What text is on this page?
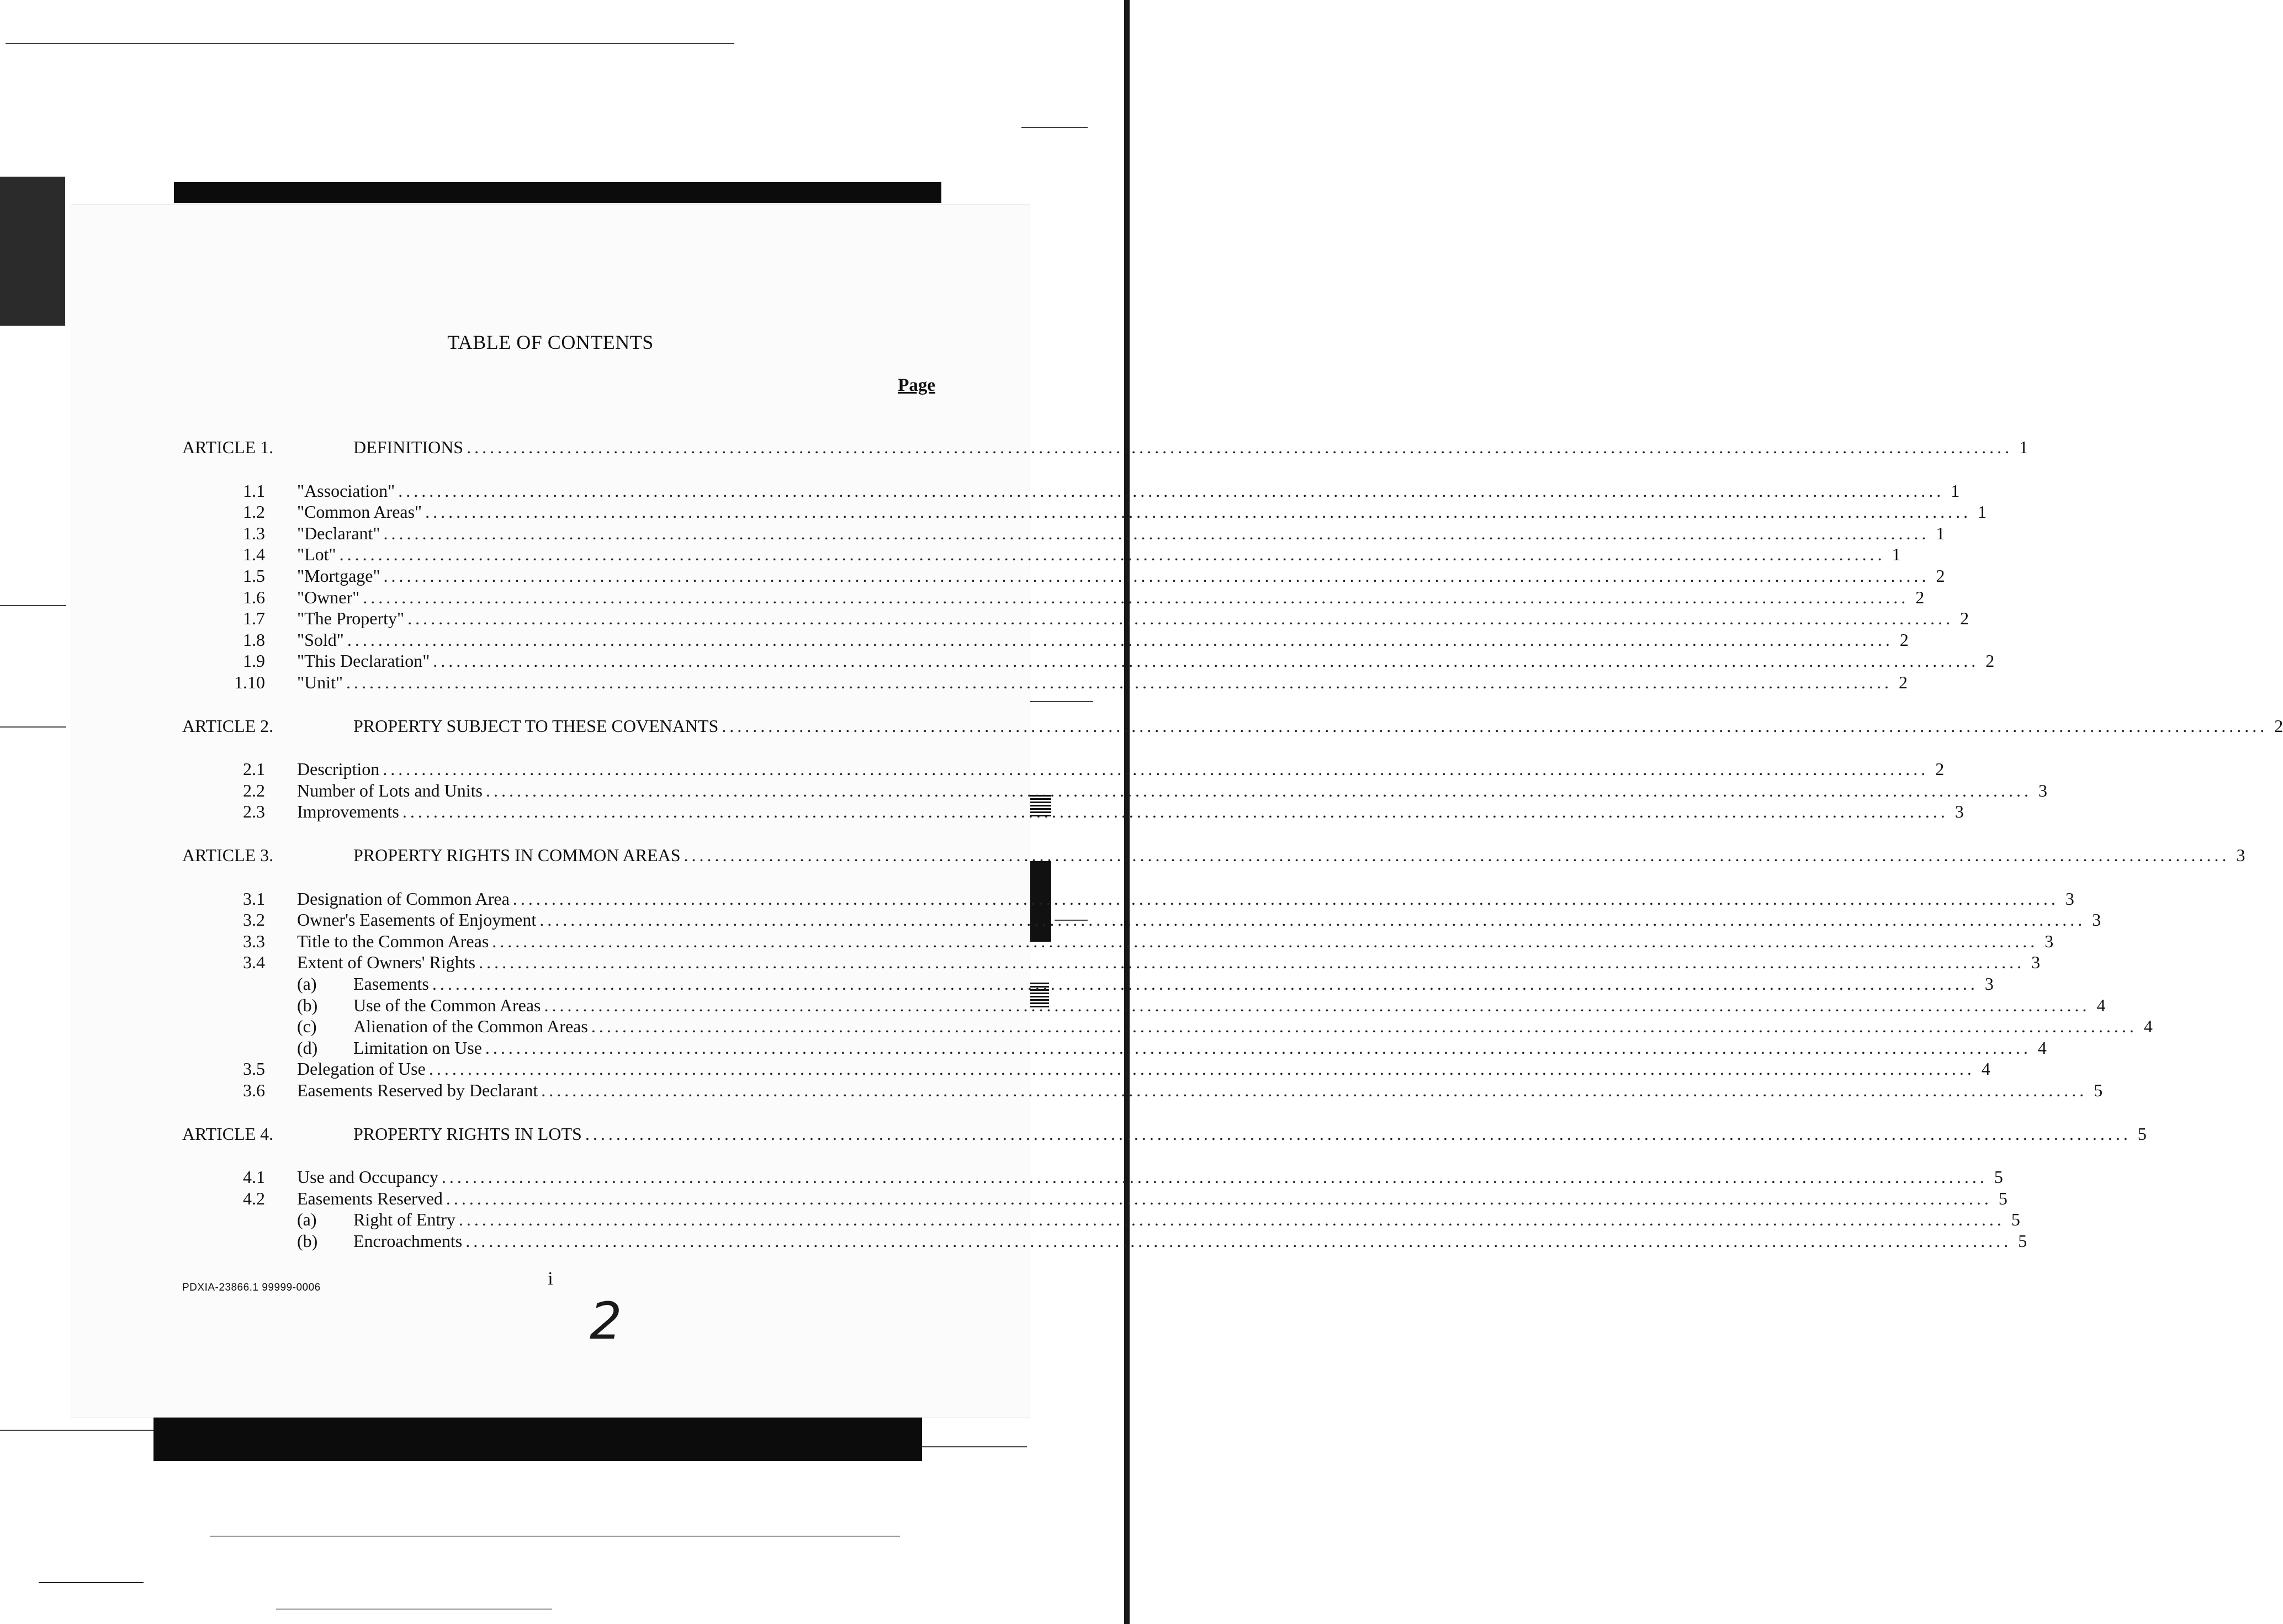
TABLE OF CONTENTS
Page
ARTICLE 1.	DEFINITIONS ........................................................................................................................................................................................................ 1
1.1 "Association" ........................................................................................................................................................................................................ 1
1.2 "Common Areas" ........................................................................................................................................................................................................ 1
1.3 "Declarant" ........................................................................................................................................................................................................ 1
1.4 "Lot" ........................................................................................................................................................................................................ 1
1.5 "Mortgage" ........................................................................................................................................................................................................ 2
1.6 "Owner" ........................................................................................................................................................................................................ 2
1.7 "The Property" ........................................................................................................................................................................................................ 2
1.8 "Sold" ........................................................................................................................................................................................................ 2
1.9 "This Declaration" ........................................................................................................................................................................................................ 2
1.10 "Unit" ........................................................................................................................................................................................................ 2
ARTICLE 2.	PROPERTY SUBJECT TO THESE COVENANTS ........................................................................................................................................................................................................ 2
2.1 Description ........................................................................................................................................................................................................ 2
2.2 Number of Lots and Units ........................................................................................................................................................................................................ 3
2.3 Improvements ........................................................................................................................................................................................................ 3
ARTICLE 3.	PROPERTY RIGHTS IN COMMON AREAS ........................................................................................................................................................................................................ 3
3.1 Designation of Common Area ........................................................................................................................................................................................................ 3
3.2 Owner's Easements of Enjoyment ........................................................................................................................................................................................................ 3
3.3 Title to the Common Areas ........................................................................................................................................................................................................ 3
3.4 Extent of Owners' Rights ........................................................................................................................................................................................................ 3
(a)	Easements ........................................................................................................................................................................................................ 3
(b)	Use of the Common Areas ........................................................................................................................................................................................................ 4
(c)	Alienation of the Common Areas ........................................................................................................................................................................................................ 4
(d)	Limitation on Use ........................................................................................................................................................................................................ 4
3.5 Delegation of Use ........................................................................................................................................................................................................ 4
3.6 Easements Reserved by Declarant ........................................................................................................................................................................................................ 5
ARTICLE 4.	PROPERTY RIGHTS IN LOTS ........................................................................................................................................................................................................ 5
4.1 Use and Occupancy ........................................................................................................................................................................................................ 5
4.2 Easements Reserved ........................................................................................................................................................................................................ 5
(a)	Right of Entry ........................................................................................................................................................................................................ 5
(b)	Encroachments ........................................................................................................................................................................................................ 5
PDXIA-23866.1 99999-0006	i
2
